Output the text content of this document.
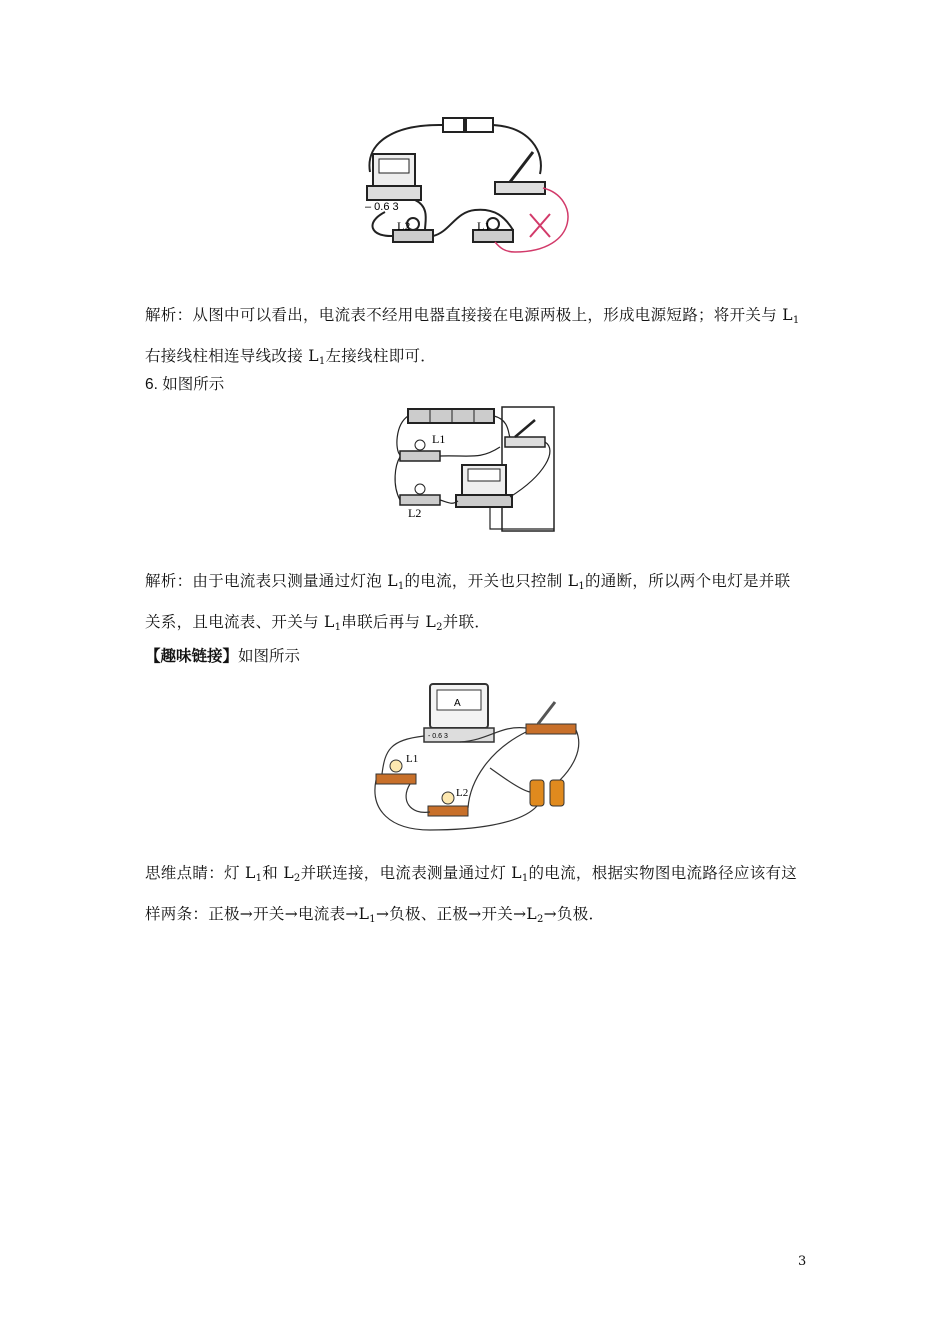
– 0.6 3
L2	L1

解析：从图中可以看出，电流表不经用电器直接接在电源两极上，形成电源短路；将开关与 L1
右接线柱相连导线改接 L1左接线柱即可．

6. 如图所示

L1
L2

解析：由于电流表只测量通过灯泡 L1的电流，开关也只控制 L1的通断，所以两个电灯是并联
关系，且电流表、开关与 L1串联后再与 L2并联．

【趣味链接】如图所示

A
- 0.6 3
L1
L2

思维点睛：灯 L1和 L2并联连接，电流表测量通过灯 L1的电流，根据实物图电流路径应该有这
样两条：正极→开关→电流表→L1→负极、正极→开关→L2→负极．

3
